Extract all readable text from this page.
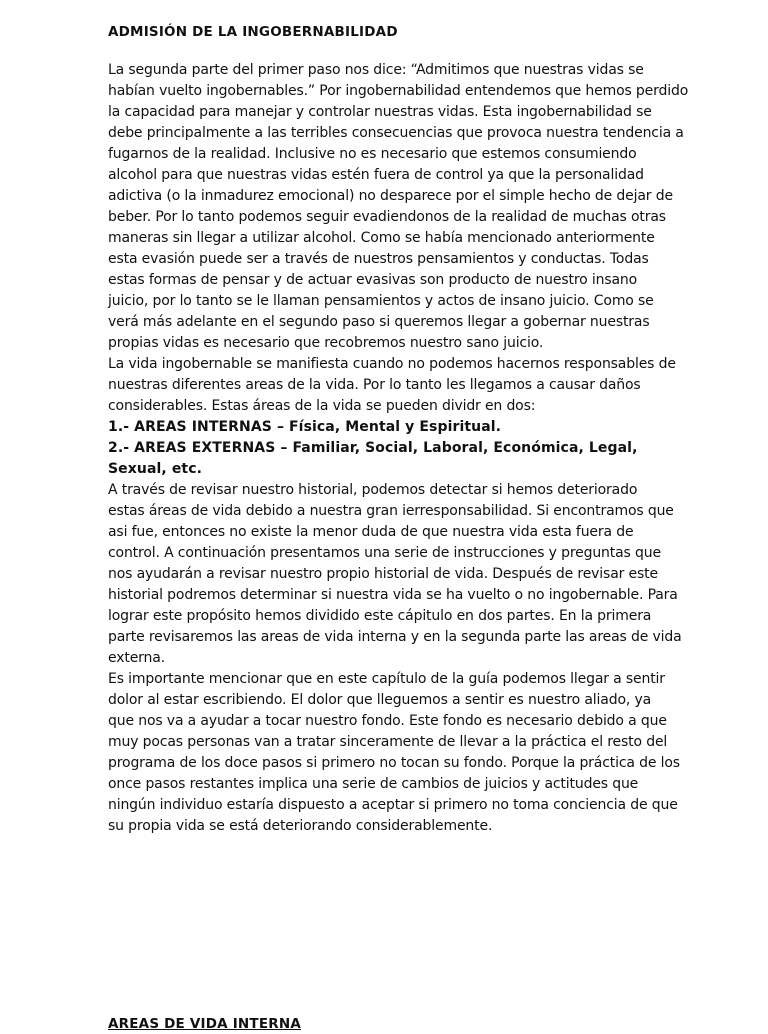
ADMISIÓN DE LA INGOBERNABILIDAD
La segunda parte del primer paso nos dice: “Admitimos que nuestras vidas se
habían vuelto ingobernables.” Por ingobernabilidad entendemos que hemos perdido
la capacidad para manejar y controlar nuestras vidas. Esta ingobernabilidad se
debe principalmente a las terribles consecuencias que provoca nuestra tendencia a
fugarnos de la realidad. Inclusive no es necesario que estemos consumiendo
alcohol para que nuestras vidas estén fuera de control ya que la personalidad
adictiva (o la inmadurez emocional) no desparece por el simple hecho de dejar de
beber. Por lo tanto podemos seguir evadiendonos de la realidad de muchas otras
maneras sin llegar a utilizar alcohol. Como se había mencionado anteriormente
esta evasión puede ser a través de nuestros pensamientos y conductas. Todas
estas formas de pensar y de actuar evasivas son producto de nuestro insano
juicio, por lo tanto se le llaman pensamientos y actos de insano juicio. Como se
verá más adelante en el segundo paso si queremos llegar a gobernar nuestras
propias vidas es necesario que recobremos nuestro sano juicio.
La vida ingobernable se manifiesta cuando no podemos hacernos responsables de
nuestras diferentes areas de la vida. Por lo tanto les llegamos a causar daños
considerables. Estas áreas de la vida se pueden dividr en dos:
1.- AREAS INTERNAS – Física, Mental y Espiritual.
2.- AREAS EXTERNAS – Familiar, Social, Laboral, Económica, Legal,
Sexual, etc.
A través de revisar nuestro historial, podemos detectar si hemos deteriorado
estas áreas de vida debido a nuestra gran ierresponsabilidad. Si encontramos que
asi fue, entonces no existe la menor duda de que nuestra vida esta fuera de
control. A continuación presentamos una serie de instrucciones y preguntas que
nos ayudarán a revisar nuestro propio historial de vida. Después de revisar este
historial podremos determinar si nuestra vida se ha vuelto o no ingobernable. Para
lograr este propósito hemos dividido este cápitulo en dos partes. En la primera
parte revisaremos las areas de vida interna y en la segunda parte las areas de vida
externa.
Es importante mencionar que en este capítulo de la guía podemos llegar a sentir
dolor al estar escribiendo. El dolor que lleguemos a sentir es nuestro aliado, ya
que nos va a ayudar a tocar nuestro fondo. Este fondo es necesario debido a que
muy pocas personas van a tratar sinceramente de llevar a la práctica el resto del
programa de los doce pasos si primero no tocan su fondo. Porque la práctica de los
once pasos restantes implica una serie de cambios de juicios y actitudes que
ningún individuo estaría dispuesto a aceptar si primero no toma conciencia de que
su propia vida se está deteriorando considerablemente.
AREAS DE VIDA INTERNA
